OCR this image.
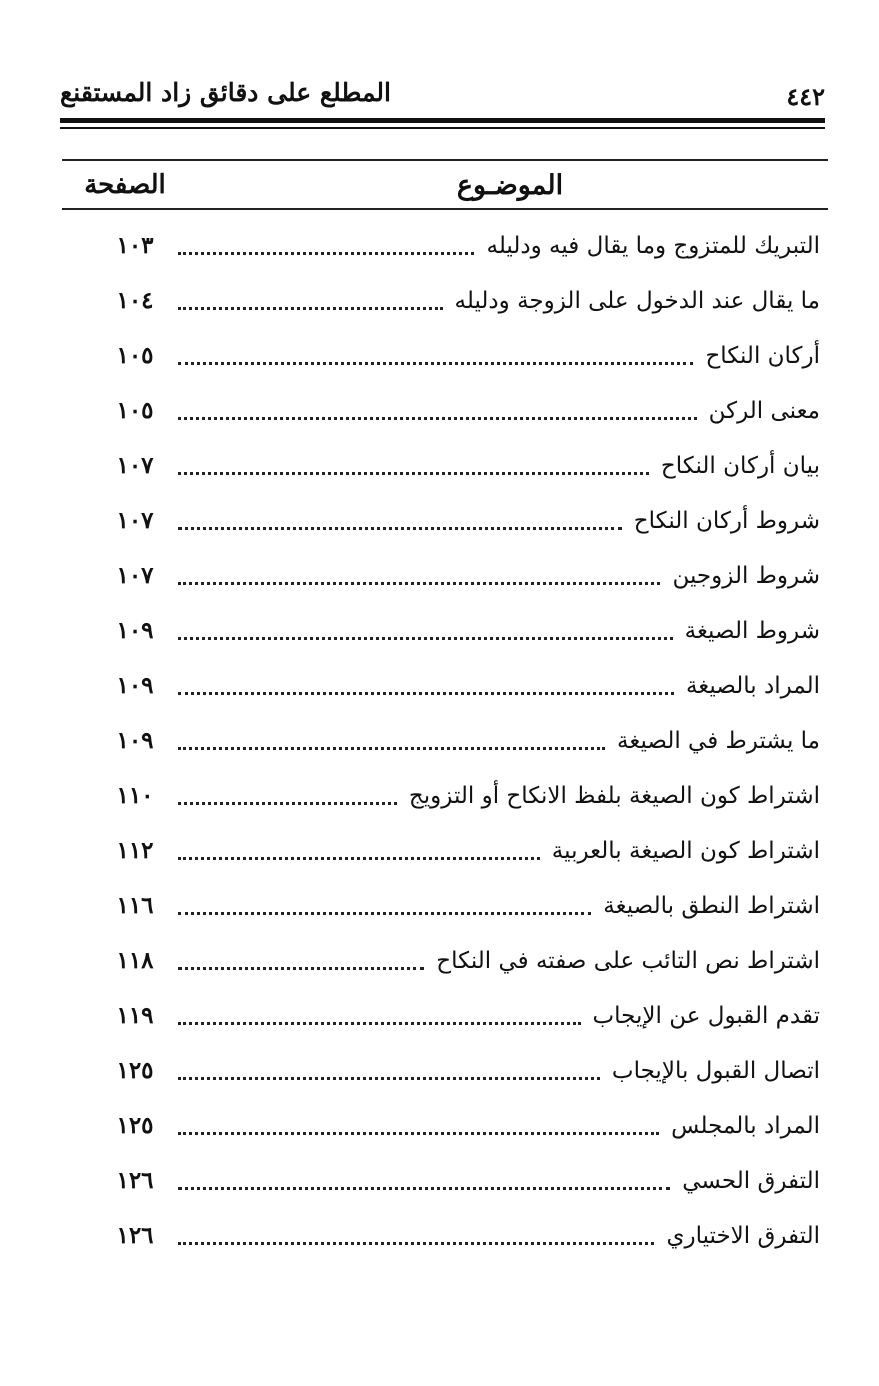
المطلع على دقائق زاد المستقنع	٤٤٢
الموضـوع
الصفحة
التبريك للمتزوج وما يقال فيه ودليله
١٠٣
ما يقال عند الدخول على الزوجة ودليله
١٠٤
أركان النكاح
١٠٥
معنى الركن
١٠٥
بيان أركان النكاح
١٠٧
شروط أركان النكاح
١٠٧
شروط الزوجين
١٠٧
شروط الصيغة
١٠٩
المراد بالصيغة
١٠٩
ما يشترط في الصيغة
١٠٩
اشتراط كون الصيغة بلفظ الانكاح أو التزويج
١١٠
اشتراط كون الصيغة بالعربية
١١٢
اشتراط النطق بالصيغة
١١٦
اشتراط نص التائب على صفته في النكاح
١١٨
تقدم القبول عن الإيجاب
١١٩
اتصال القبول بالإيجاب
١٢٥
المراد بالمجلس
١٢٥
التفرق الحسي
١٢٦
التفرق الاختياري
١٢٦
